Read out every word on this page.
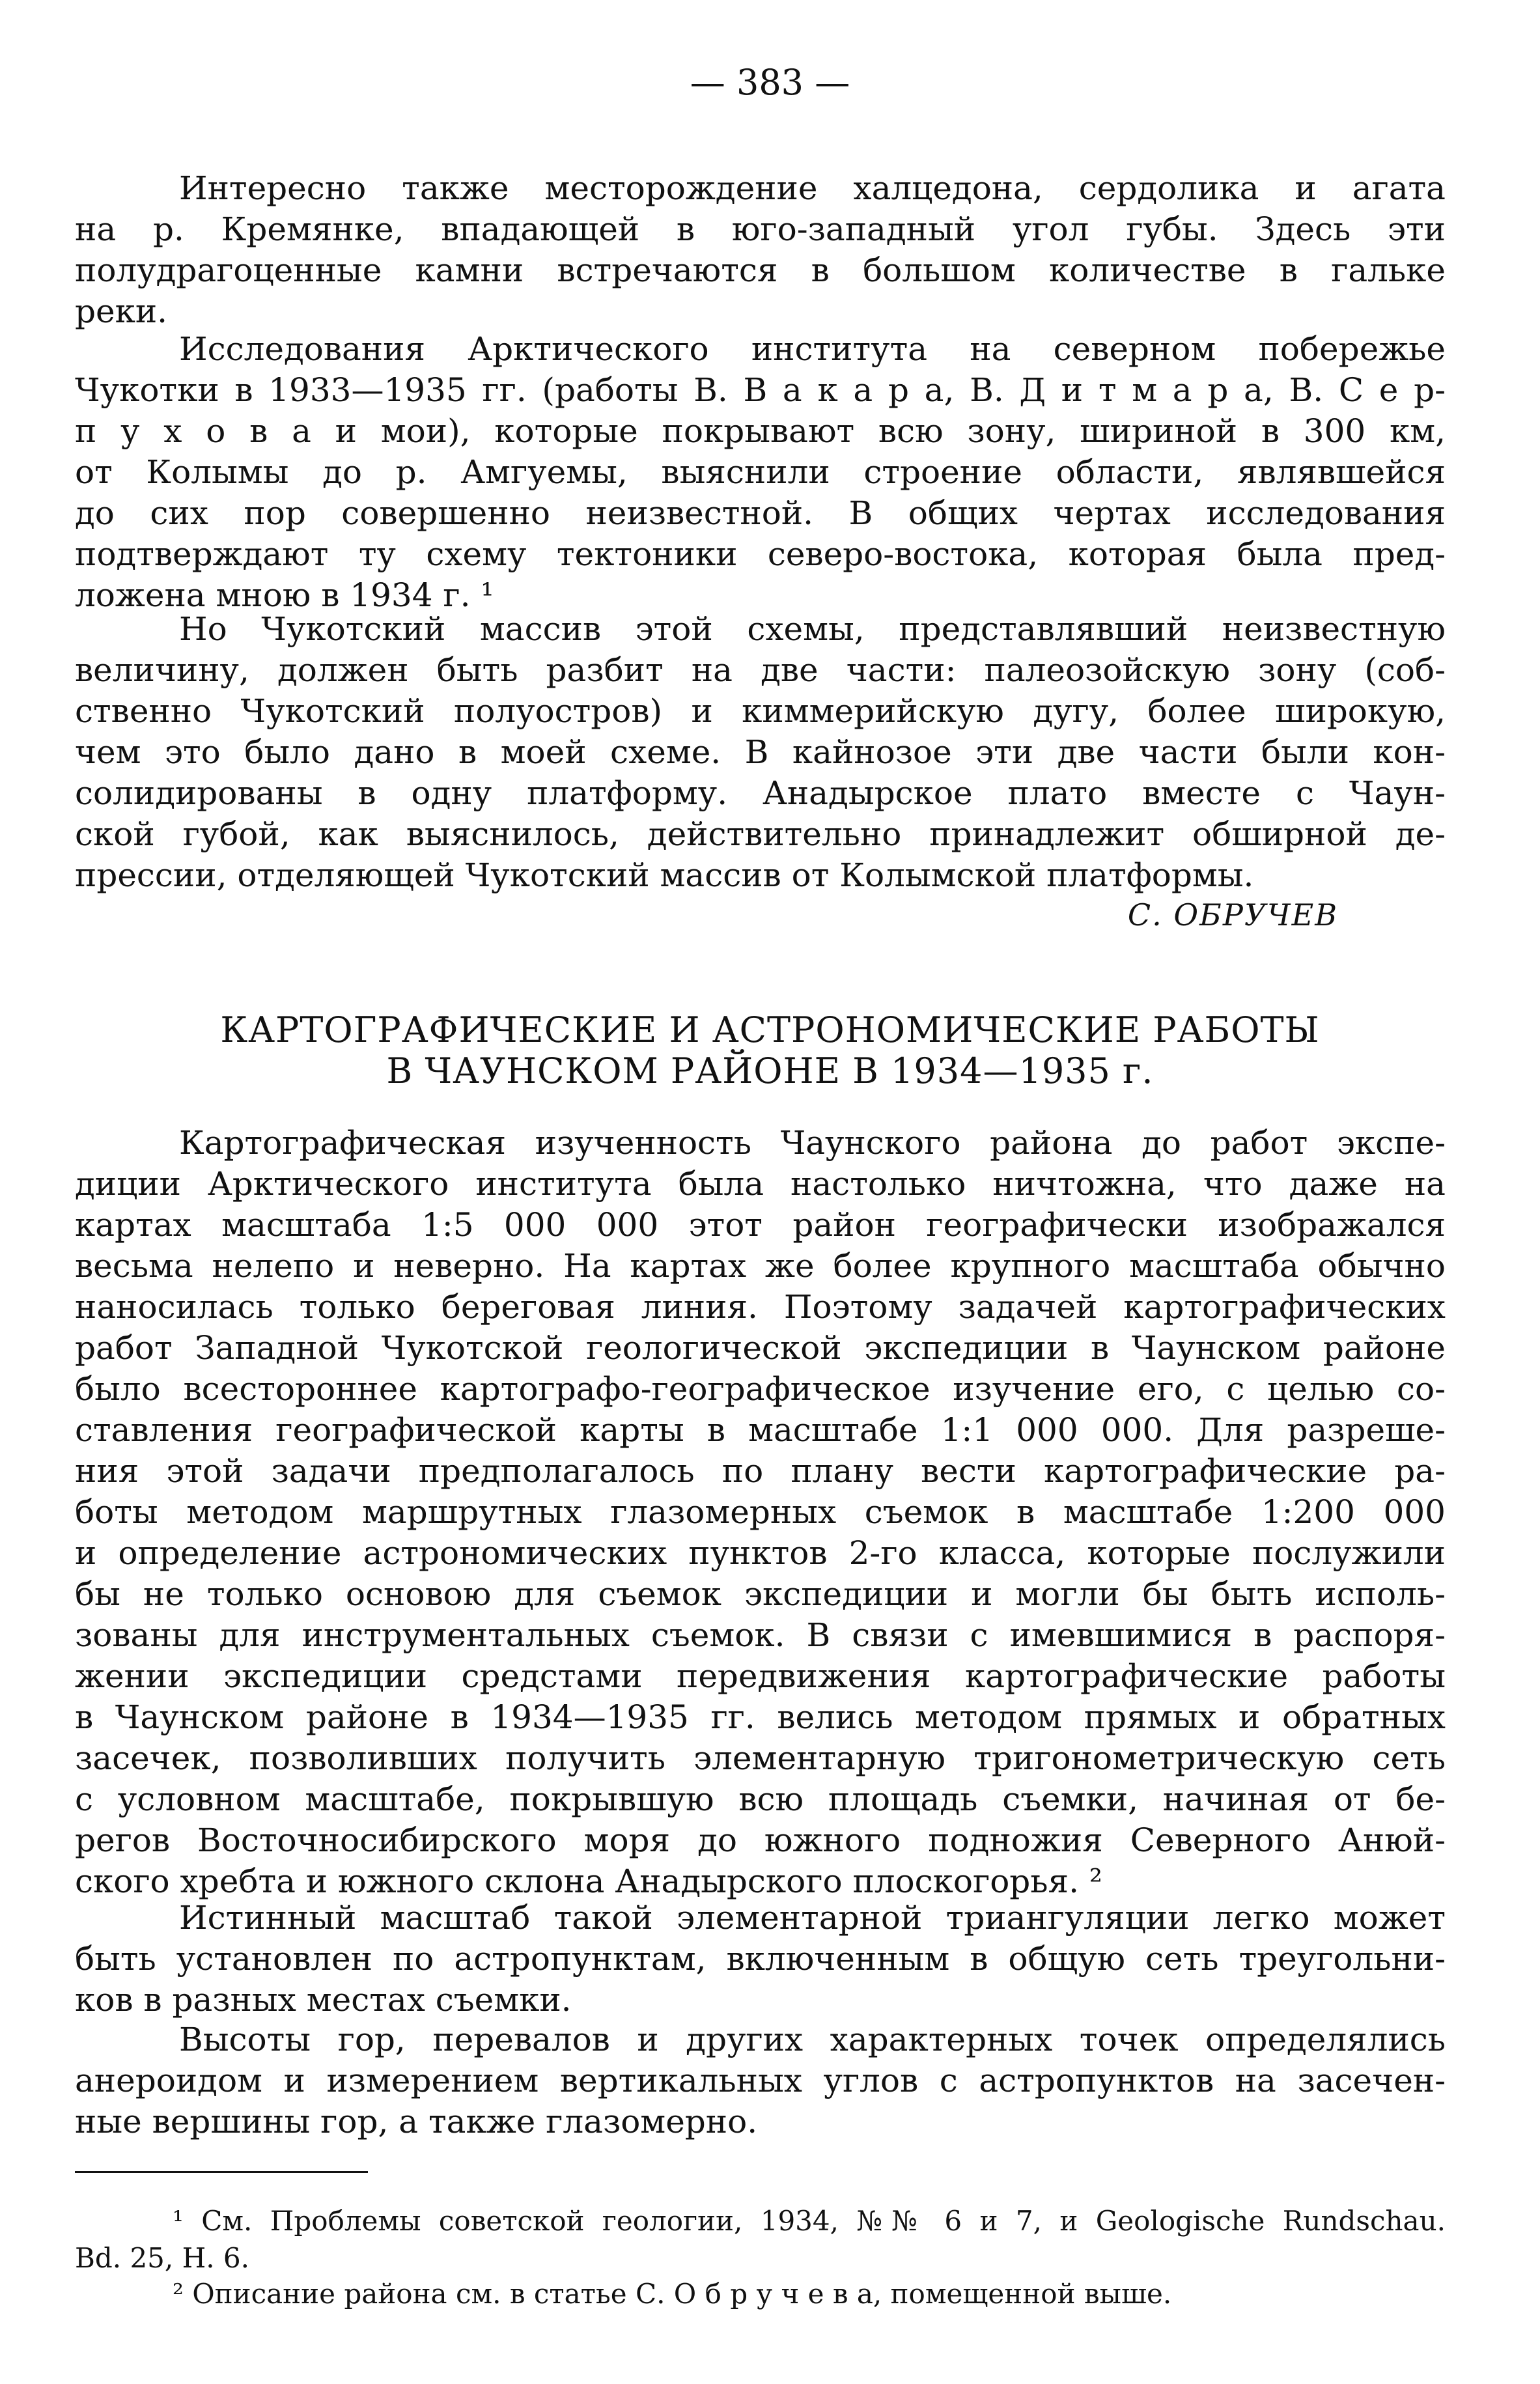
— 383 —
С. ОБРУЧЕВ
КАРТОГРАФИЧЕСКИЕ И АСТРОНОМИЧЕСКИЕ РАБОТЫ
В ЧАУНСКОМ РАЙОНЕ В 1934—1935 г.
Интересно также месторождение халцедона, сердолика и агата
на р. Кремянке, впадающей в юго-западный угол губы. Здесь эти
полудрагоценные камни встречаются в большом количестве в гальке
реки.
Исследования Арктического института на северном побережье
Чукотки в 1933—1935 гг. (работы В. В а к а р а, В. Д и т м а р а, В. С е р-
п у х о в а и мои), которые покрывают всю зону, шириной в 300 км,
от Колымы до р. Амгуемы, выяснили строение области, являвшейся
до сих пор совершенно неизвестной. В общих чертах исследования
подтверждают ту схему тектоники северо-востока, которая была пред-
ложена мною в 1934 г. ¹
Но Чукотский массив этой схемы, представлявший неизвестную
величину, должен быть разбит на две части: палеозойскую зону (соб-
ственно Чукотский полуостров) и киммерийскую дугу, более широкую,
чем это было дано в моей схеме. В кайнозое эти две части были кон-
солидированы в одну платформу. Анадырское плато вместе с Чаун-
ской губой, как выяснилось, действительно принадлежит обширной де-
прессии, отделяющей Чукотский массив от Колымской платформы.
Картографическая изученность Чаунского района до работ экспе-
диции Арктического института была настолько ничтожна, что даже на
картах масштаба 1:5 000 000 этот район географически изображался
весьма нелепо и неверно. На картах же более крупного масштаба обычно
наносилась только береговая линия. Поэтому задачей картографических
работ Западной Чукотской геологической экспедиции в Чаунском районе
было всестороннее картографо-географическое изучение его, с целью со-
ставления географической карты в масштабе 1:1 000 000. Для разреше-
ния этой задачи предполагалось по плану вести картографические ра-
боты методом маршрутных глазомерных съемок в масштабе 1:200 000
и определение астрономических пунктов 2-го класса, которые послужили
бы не только основою для съемок экспедиции и могли бы быть исполь-
зованы для инструментальных съемок. В связи с имевшимися в распоря-
жении экспедиции средстами передвижения картографические работы
в Чаунском районе в 1934—1935 гг. велись методом прямых и обратных
засечек, позволивших получить элементарную тригонометрическую сеть
с условном масштабе, покрывшую всю площадь съемки, начиная от бе-
регов Восточносибирского моря до южного подножия Северного Анюй-
ского хребта и южного склона Анадырского плоскогорья. ²
Истинный масштаб такой элементарной триангуляции легко может
быть установлен по астропунктам, включенным в общую сеть треугольни-
ков в разных местах съемки.
Высоты гор, перевалов и других характерных точек определялись
анероидом и измерением вертикальных углов с астропунктов на засечен-
ные вершины гор, а также глазомерно.
¹ См. Проблемы советской геологии, 1934, №№ 6 и 7, и Geologische Rundschau.
Bd. 25, H. 6.
² Описание района см. в статье С. О б р у ч е в а, помещенной выше.
